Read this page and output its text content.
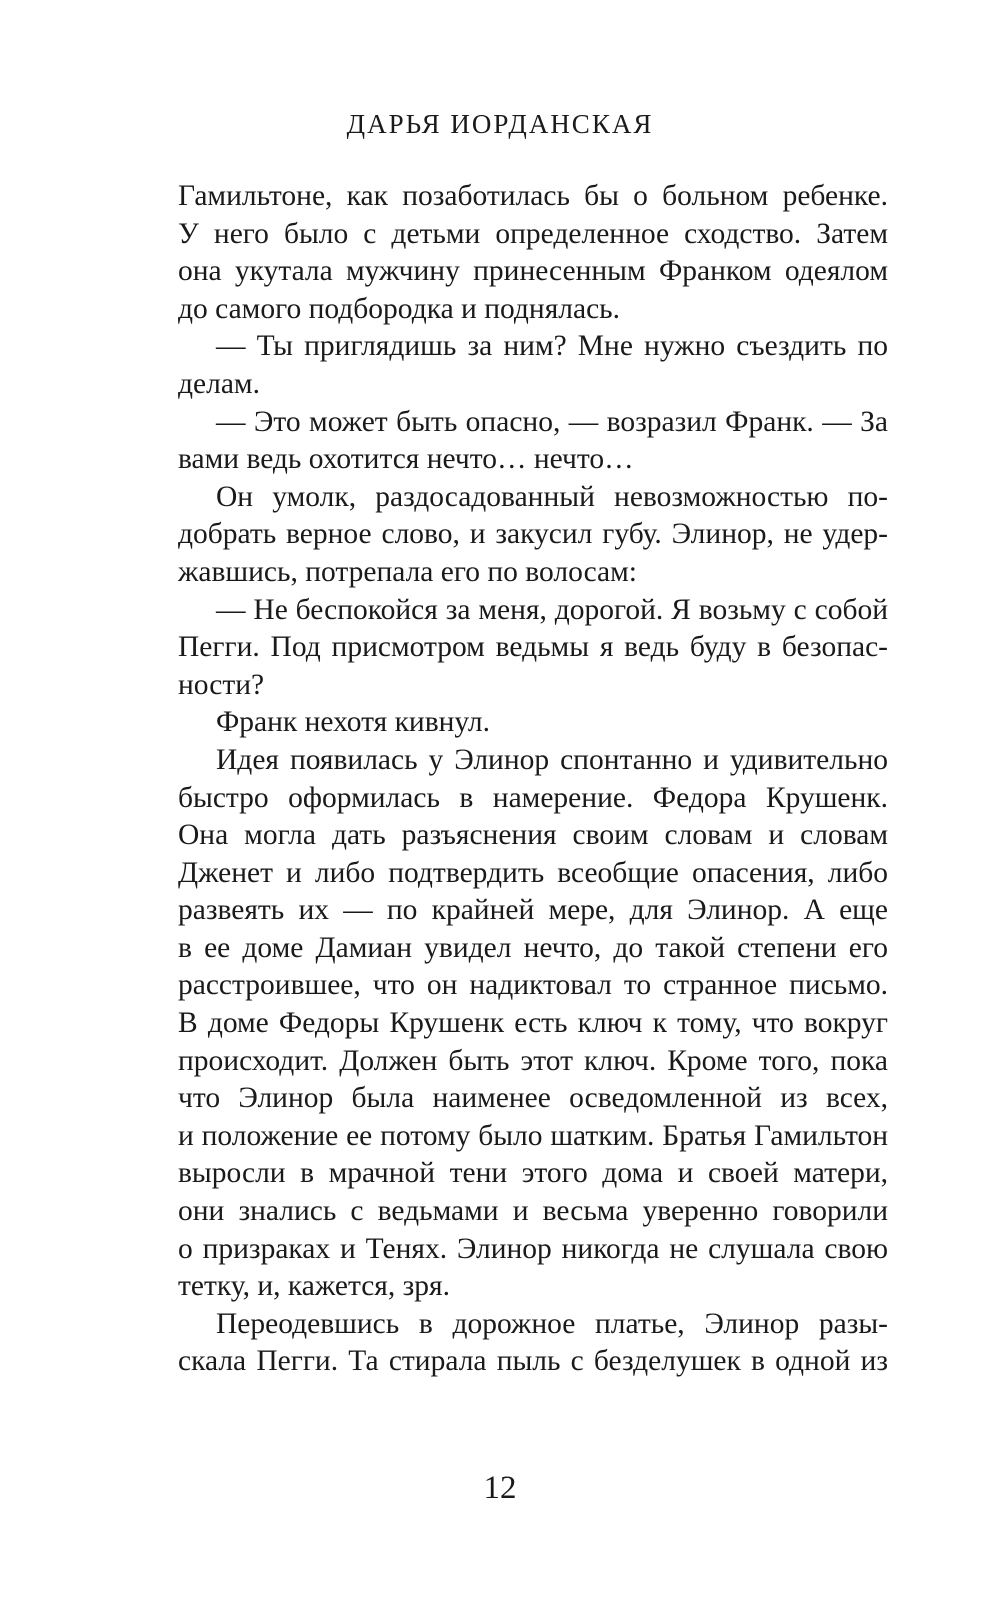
ДАРЬЯ ИОРДАНСКАЯ
Гамильтоне, как позаботилась бы о больном ребенке.
У него было с детьми определенное сходство. Затем
она укутала мужчину принесенным Франком одеялом
до самого подбородка и поднялась.
— Ты приглядишь за ним? Мне нужно съездить по
делам.
— Это может быть опасно, — возразил Франк. — За
вами ведь охотится нечто… нечто…
Он умолк, раздосадованный невозможностью по-
добрать верное слово, и закусил губу. Элинор, не удер-
жавшись, потрепала его по волосам:
— Не беспокойся за меня, дорогой. Я возьму с собой
Пегги. Под присмотром ведьмы я ведь буду в безопас-
ности?
Франк нехотя кивнул.
Идея появилась у Элинор спонтанно и удивительно
быстро оформилась в намерение. Федора Крушенк.
Она могла дать разъяснения своим словам и словам
Дженет и либо подтвердить всеобщие опасения, либо
развеять их — по крайней мере, для Элинор. А еще
в ее доме Дамиан увидел нечто, до такой степени его
расстроившее, что он надиктовал то странное письмо.
В доме Федоры Крушенк есть ключ к тому, что вокруг
происходит. Должен быть этот ключ. Кроме того, пока
что Элинор была наименее осведомленной из всех,
и положение ее потому было шатким. Братья Гамильтон
выросли в мрачной тени этого дома и своей матери,
они знались с ведьмами и весьма уверенно говорили
о призраках и Тенях. Элинор никогда не слушала свою
тетку, и, кажется, зря.
Переодевшись в дорожное платье, Элинор разы-
скала Пегги. Та стирала пыль с безделушек в одной из
12
